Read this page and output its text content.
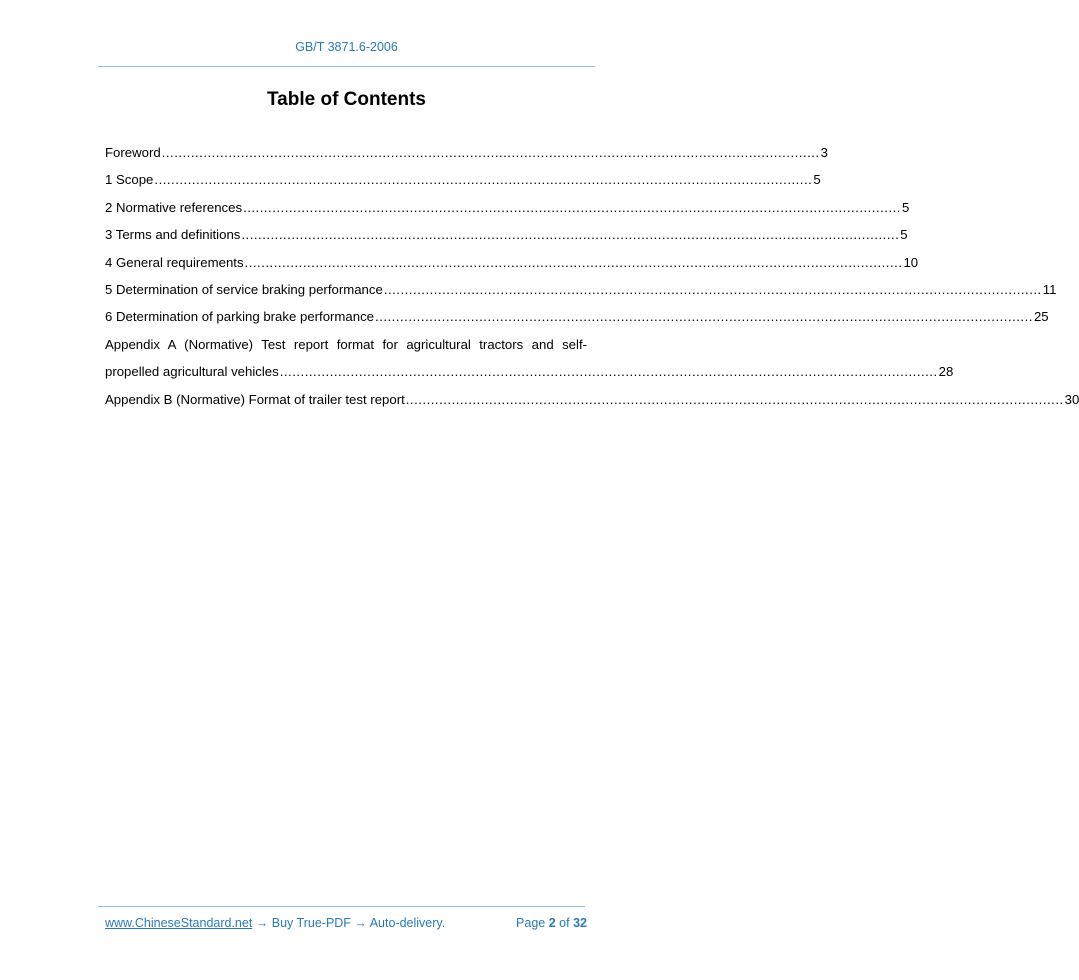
GB/T 3871.6-2006
Table of Contents
Foreword .............................................................................................................................................................. 3
1 Scope .............................................................................................................................................................. 5
2 Normative references .............................................................................................................................................................. 5
3 Terms and definitions .............................................................................................................................................................. 5
4 General requirements .............................................................................................................................................................. 10
5 Determination of service braking performance .............................................................................................................................................................. 11
6 Determination of parking brake performance .............................................................................................................................................................. 25
Appendix A (Normative) Test report format for agricultural tractors and self-
propelled agricultural vehicles .............................................................................................................................................................. 28
Appendix B (Normative) Format of trailer test report .............................................................................................................................................................. 30
www.ChineseStandard.net → Buy True-PDF → Auto-delivery.	Page 2 of 32
